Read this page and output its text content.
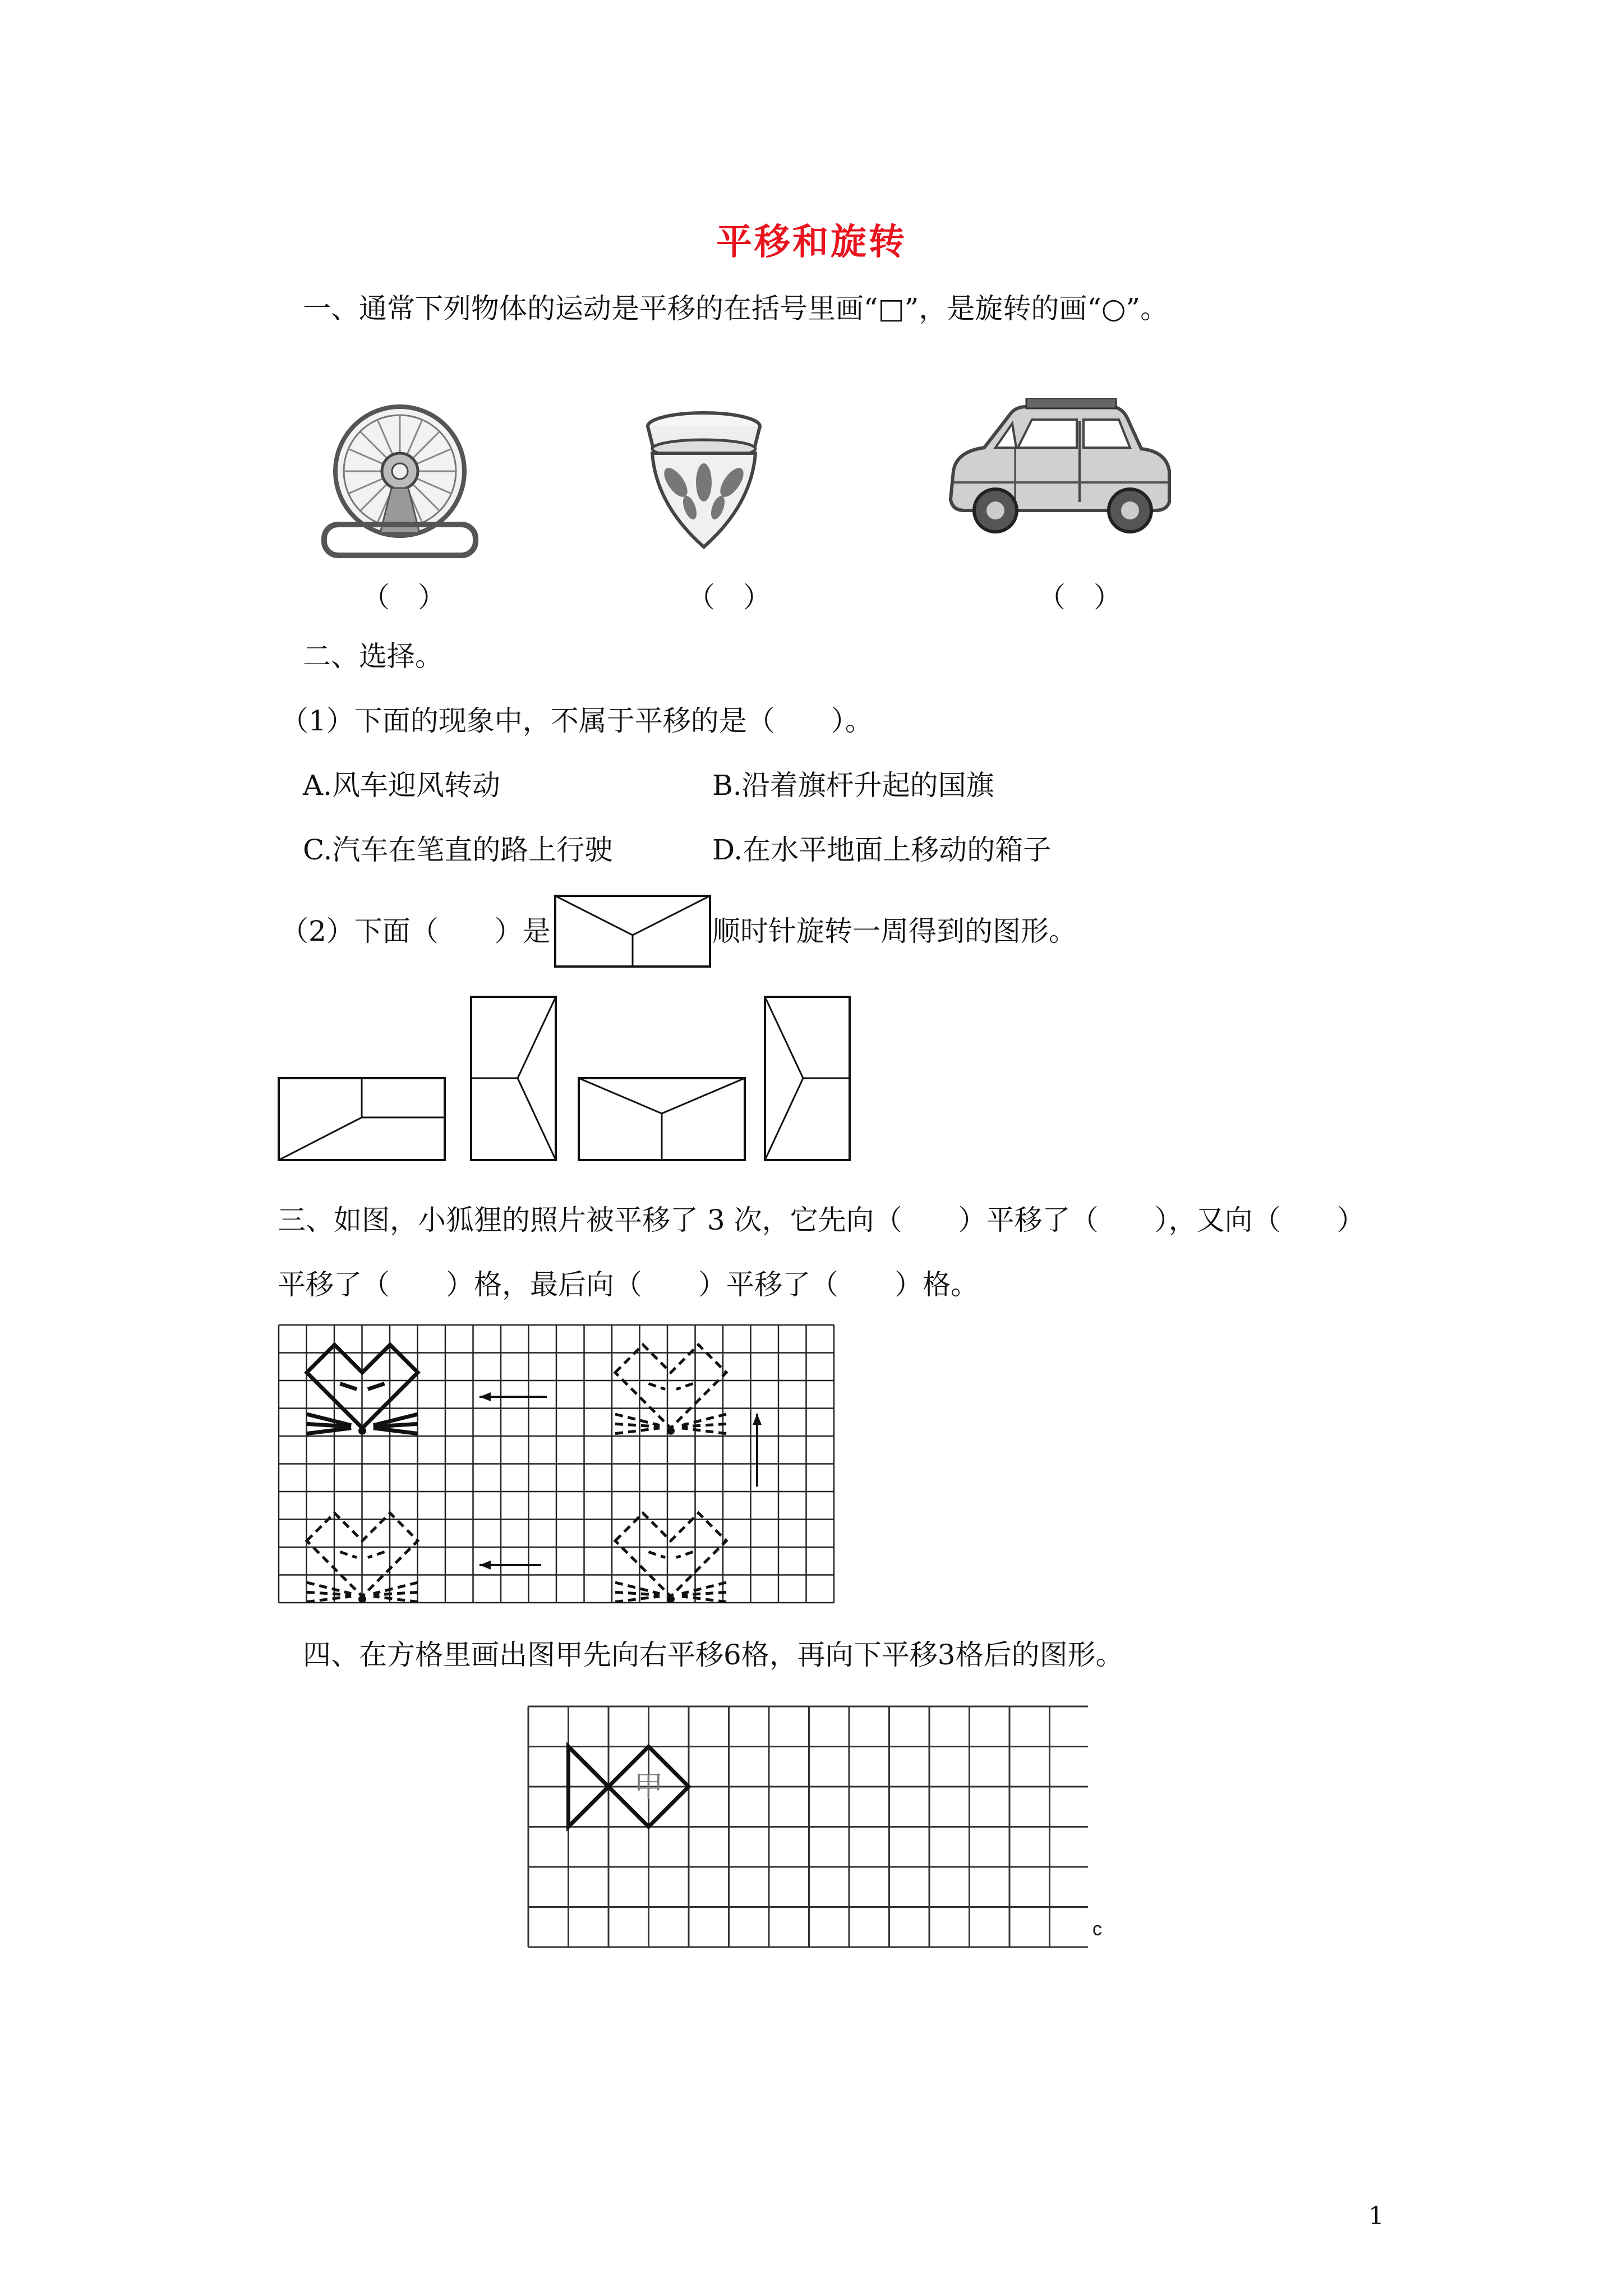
平移和旋转
一、通常下列物体的运动是平移的在括号里画“□”，是旋转的画“○”。
（　）	（　）	（　）
二、选择。
（1）下面的现象中，不属于平移的是（　　）。
A.风车迎风转动	B.沿着旗杆升起的国旗
C.汽车在笔直的路上行驶	D.在水平地面上移动的箱子
（2）下面（　　）是	顺时针旋转一周得到的图形。
三、如图，小狐狸的照片被平移了 3 次，它先向（　　）平移了（　　），又向（　　）
平移了（　　）格，最后向（　　）平移了（　　）格。
四、在方格里画出图甲先向右平移6格，再向下平移3格后的图形。
甲
c
1
